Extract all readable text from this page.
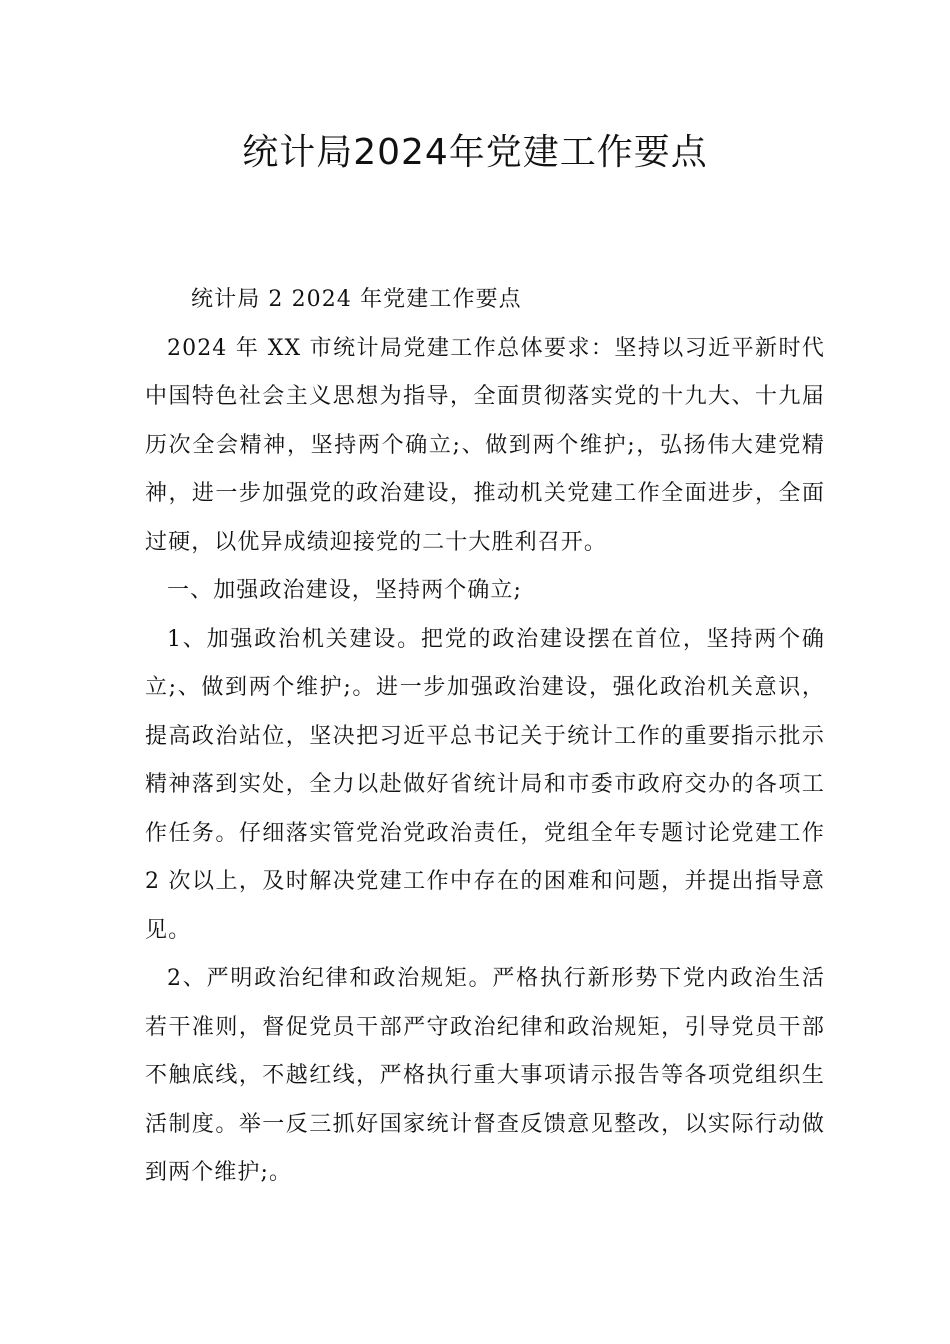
统计局2024年党建工作要点

统计局 2 2024 年党建工作要点

2024 年 XX 市统计局党建工作总体要求：坚持以习近平新时代中国特色社会主义思想为指导，全面贯彻落实党的十九大、十九届历次全会精神，坚持两个确立;、做到两个维护;，弘扬伟大建党精神，进一步加强党的政治建设，推动机关党建工作全面进步，全面过硬，以优异成绩迎接党的二十大胜利召开。

一、加强政治建设，坚持两个确立;

1、加强政治机关建设。把党的政治建设摆在首位，坚持两个确立;、做到两个维护;。进一步加强政治建设，强化政治机关意识，提高政治站位，坚决把习近平总书记关于统计工作的重要指示批示精神落到实处，全力以赴做好省统计局和市委市政府交办的各项工作任务。仔细落实管党治党政治责任，党组全年专题讨论党建工作 2 次以上，及时解决党建工作中存在的困难和问题，并提出指导意见。

2、严明政治纪律和政治规矩。严格执行新形势下党内政治生活若干准则，督促党员干部严守政治纪律和政治规矩，引导党员干部不触底线，不越红线，严格执行重大事项请示报告等各项党组织生活制度。举一反三抓好国家统计督查反馈意见整改，以实际行动做到两个维护;。
